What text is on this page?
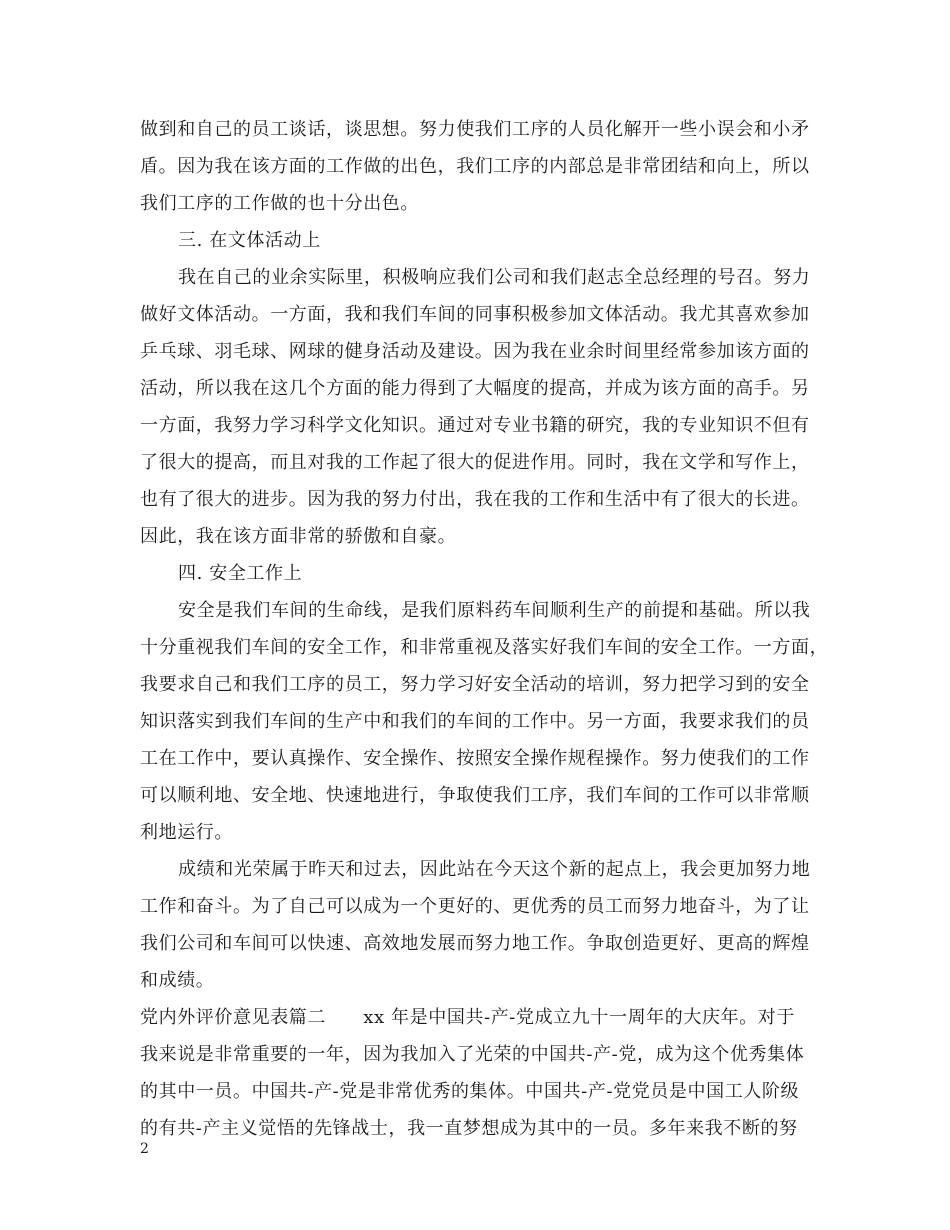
做到和自己的员工谈话，谈思想。努力使我们工序的人员化解开一些小误会和小矛
盾。因为我在该方面的工作做的出色，我们工序的内部总是非常团结和向上，所以
我们工序的工作做的也十分出色。
三. 在文体活动上
我在自己的业余实际里，积极响应我们公司和我们赵志全总经理的号召。努力
做好文体活动。一方面，我和我们车间的同事积极参加文体活动。我尤其喜欢参加
乒乓球、羽毛球、网球的健身活动及建设。因为我在业余时间里经常参加该方面的
活动，所以我在这几个方面的能力得到了大幅度的提高，并成为该方面的高手。另
一方面，我努力学习科学文化知识。通过对专业书籍的研究，我的专业知识不但有
了很大的提高，而且对我的工作起了很大的促进作用。同时，我在文学和写作上，
也有了很大的进步。因为我的努力付出，我在我的工作和生活中有了很大的长进。
因此，我在该方面非常的骄傲和自豪。
四. 安全工作上
安全是我们车间的生命线，是我们原料药车间顺利生产的前提和基础。所以我
十分重视我们车间的安全工作，和非常重视及落实好我们车间的安全工作。一方面，
我要求自己和我们工序的员工，努力学习好安全活动的培训，努力把学习到的安全
知识落实到我们车间的生产中和我们的车间的工作中。另一方面，我要求我们的员
工在工作中，要认真操作、安全操作、按照安全操作规程操作。努力使我们的工作
可以顺利地、安全地、快速地进行，争取使我们工序，我们车间的工作可以非常顺
利地运行。
成绩和光荣属于昨天和过去，因此站在今天这个新的起点上，我会更加努力地
工作和奋斗。为了自己可以成为一个更好的、更优秀的员工而努力地奋斗，为了让
我们公司和车间可以快速、高效地发展而努力地工作。争取创造更好、更高的辉煌
和成绩。
党内外评价意见表篇二　　xx 年是中国共-产-党成立九十一周年的大庆年。对于
我来说是非常重要的一年，因为我加入了光荣的中国共-产-党，成为这个优秀集体
的其中一员。中国共-产-党是非常优秀的集体。中国共-产-党党员是中国工人阶级
的有共-产主义觉悟的先锋战士，我一直梦想成为其中的一员。多年来我不断的努
2
